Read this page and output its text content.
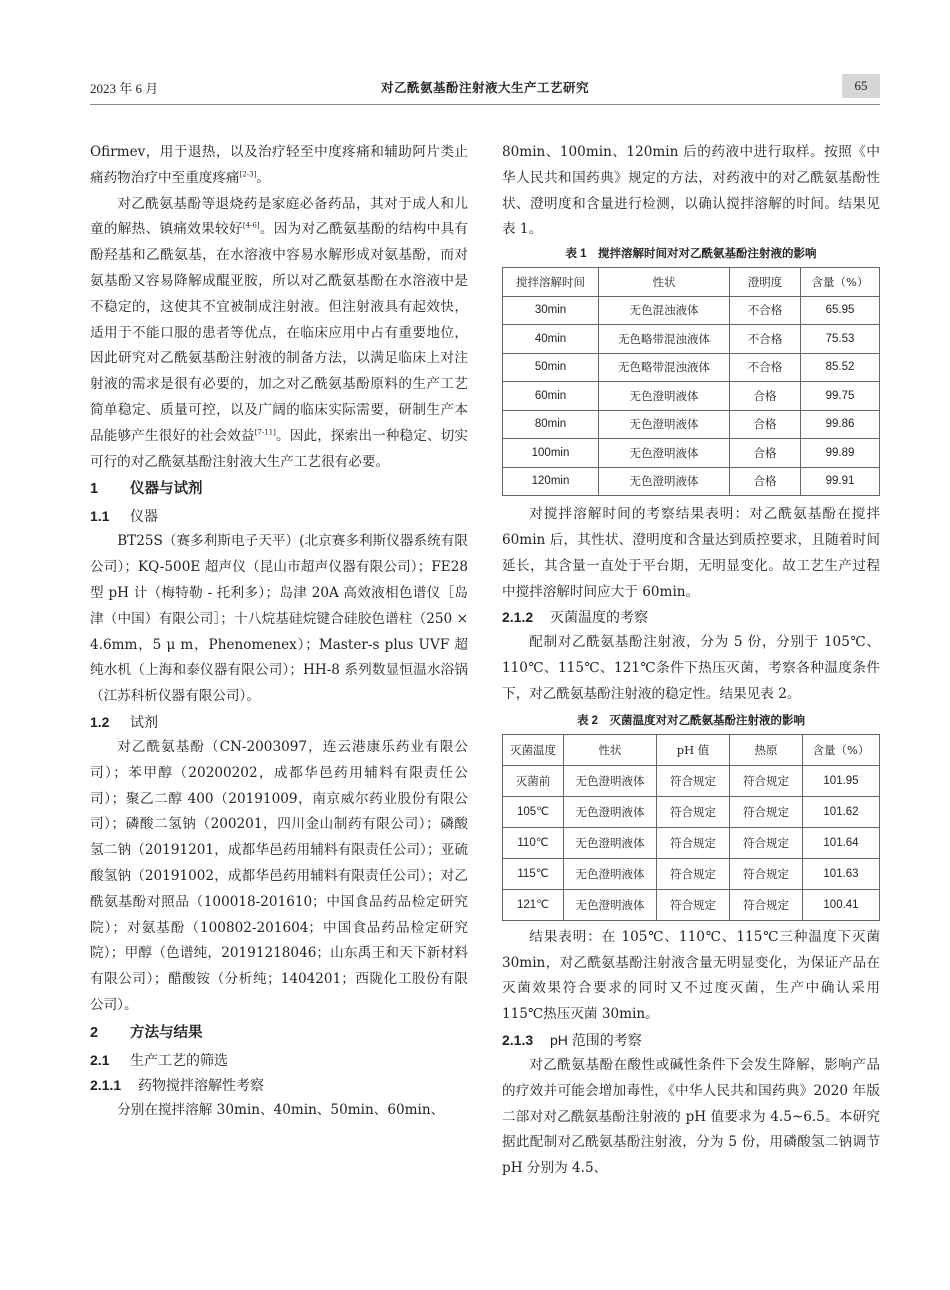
2023 年 6 月	对乙酰氨基酚注射液大生产工艺研究	65

Ofirmev，用于退热，以及治疗轻至中度疼痛和辅助阿片类止痛药物治疗中至重度疼痛[2-3]。

对乙酰氨基酚等退烧药是家庭必备药品，其对于成人和儿童的解热、镇痛效果较好[4-6]。因为对乙酰氨基酚的结构中具有酚羟基和乙酰氨基，在水溶液中容易水解形成对氨基酚，而对氨基酚又容易降解成醌亚胺，所以对乙酰氨基酚在水溶液中是不稳定的，这使其不宜被制成注射液。但注射液具有起效快，适用于不能口服的患者等优点，在临床应用中占有重要地位，因此研究对乙酰氨基酚注射液的制备方法，以满足临床上对注射液的需求是很有必要的，加之对乙酰氨基酚原料的生产工艺简单稳定、质量可控，以及广阔的临床实际需要，研制生产本品能够产生很好的社会效益[7-11]。因此，探索出一种稳定、切实可行的对乙酰氨基酚注射液大生产工艺很有必要。

1 仪器与试剂
1.1 仪器

BT25S（赛多利斯电子天平）(北京赛多利斯仪器系统有限公司）；KQ-500E 超声仪（昆山市超声仪器有限公司）；FE28 型 pH 计（梅特勒 - 托利多）；岛津 20A 高效液相色谱仪［岛津（中国）有限公司］；十八烷基硅烷键合硅胶色谱柱（250 × 4.6mm，5 μ m，Phenomenex）；Master-s plus UVF 超纯水机（上海和泰仪器有限公司）；HH-8 系列数显恒温水浴锅（江苏科析仪器有限公司）。

1.2 试剂

对乙酰氨基酚（CN-2003097，连云港康乐药业有限公司）；苯甲醇（20200202，成都华邑药用辅料有限责任公司）；聚乙二醇 400（20191009，南京威尔药业股份有限公司）；磷酸二氢钠（200201，四川金山制药有限公司）；磷酸氢二钠（20191201，成都华邑药用辅料有限责任公司）；亚硫酸氢钠（20191002，成都华邑药用辅料有限责任公司）；对乙酰氨基酚对照品（100018-201610；中国食品药品检定研究院）；对氨基酚（100802-201604；中国食品药品检定研究院）；甲醇（色谱纯，20191218046；山东禹王和天下新材料有限公司）；醋酸铵（分析纯；1404201；西陇化工股份有限公司）。

2 方法与结果
2.1 生产工艺的筛选
2.1.1 药物搅拌溶解性考察

分别在搅拌溶解 30min、40min、50min、60min、

80min、100min、120min 后的药液中进行取样。按照《中华人民共和国药典》规定的方法，对药液中的对乙酰氨基酚性状、澄明度和含量进行检测，以确认搅拌溶解的时间。结果见表 1。

表 1　搅拌溶解时间对对乙酰氨基酚注射液的影响
搅拌溶解时间	性状	澄明度	含量（%）
30min	无色混浊液体	不合格	65.95
40min	无色略带混浊液体	不合格	75.53
50min	无色略带混浊液体	不合格	85.52
60min	无色澄明液体	合格	99.75
80min	无色澄明液体	合格	99.86
100min	无色澄明液体	合格	99.89
120min	无色澄明液体	合格	99.91

对搅拌溶解时间的考察结果表明：对乙酰氨基酚在搅拌 60min 后，其性状、澄明度和含量达到质控要求，且随着时间延长，其含量一直处于平台期，无明显变化。故工艺生产过程中搅拌溶解时间应大于 60min。

2.1.2 灭菌温度的考察

配制对乙酰氨基酚注射液，分为 5 份，分别于 105℃、110℃、115℃、121℃条件下热压灭菌，考察各种温度条件下，对乙酰氨基酚注射液的稳定性。结果见表 2。

表 2　灭菌温度对对乙酰氨基酚注射液的影响
灭菌温度	性状	pH 值	热原	含量（%）
灭菌前	无色澄明液体	符合规定	符合规定	101.95
105℃	无色澄明液体	符合规定	符合规定	101.62
110℃	无色澄明液体	符合规定	符合规定	101.64
115℃	无色澄明液体	符合规定	符合规定	101.63
121℃	无色澄明液体	符合规定	符合规定	100.41

结果表明：在 105℃、110℃、115℃三种温度下灭菌 30min，对乙酰氨基酚注射液含量无明显变化，为保证产品在灭菌效果符合要求的同时又不过度灭菌，生产中确认采用 115℃热压灭菌 30min。

2.1.3 pH 范围的考察

对乙酰氨基酚在酸性或碱性条件下会发生降解，影响产品的疗效并可能会增加毒性，《中华人民共和国药典》2020 年版二部对对乙酰氨基酚注射液的 pH 值要求为 4.5~6.5。本研究据此配制对乙酰氨基酚注射液，分为 5 份，用磷酸氢二钠调节 pH 分别为 4.5、
